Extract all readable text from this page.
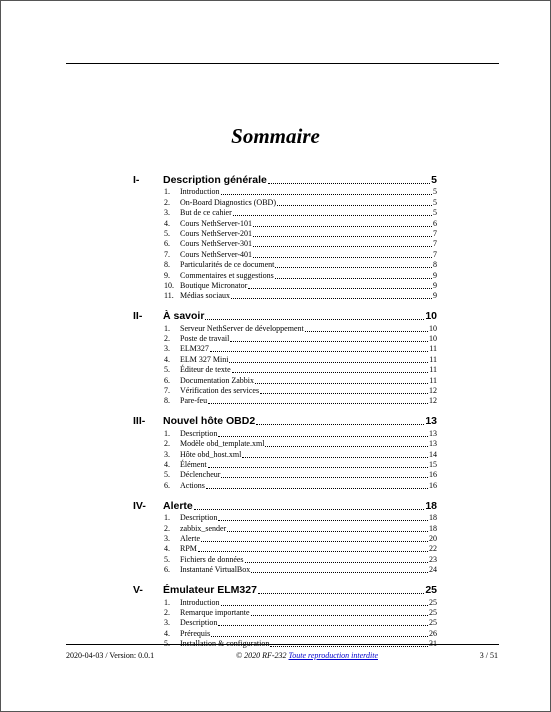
Sommaire
I- Description générale	5
1.	Introduction	5
2.	On-Board Diagnostics (OBD)	5
3.	But de ce cahier	5
4.	Cours NethServer-101	6
5.	Cours NethServer-201	7
6.	Cours NethServer-301	7
7.	Cours NethServer-401	7
8.	Particularités de ce document	8
9.	Commentaires et suggestions	9
10. Boutique Micronator	9
11. Médias sociaux	9
II- À savoir	10
1.	Serveur NethServer de développement	10
2.	Poste de travail	10
3.	ELM327	11
4.	ELM 327 Mini	11
5.	Éditeur de texte	11
6.	Documentation Zabbix	11
7.	Vérification des services	12
8.	Pare-feu	12
III- Nouvel hôte OBD2	13
1.	Description	13
2.	Modèle obd_template.xml	13
3.	Hôte obd_host.xml	14
4.	Élément	15
5.	Déclencheur	16
6.	Actions	16
IV- Alerte	18
1.	Description	18
2.	zabbix_sender	18
3.	Alerte	20
4.	RPM	22
5.	Fichiers de données	23
6.	Instantané VirtualBox	24
V- Émulateur ELM327	25
1.	Introduction	25
2.	Remarque importante	25
3.	Description	25
4.	Prérequis	26
5.	Installation & configuration	31
2020-04-03 / Version: 0.0.1	© 2020 RF-232 Toute reproduction interdite	3 / 51
